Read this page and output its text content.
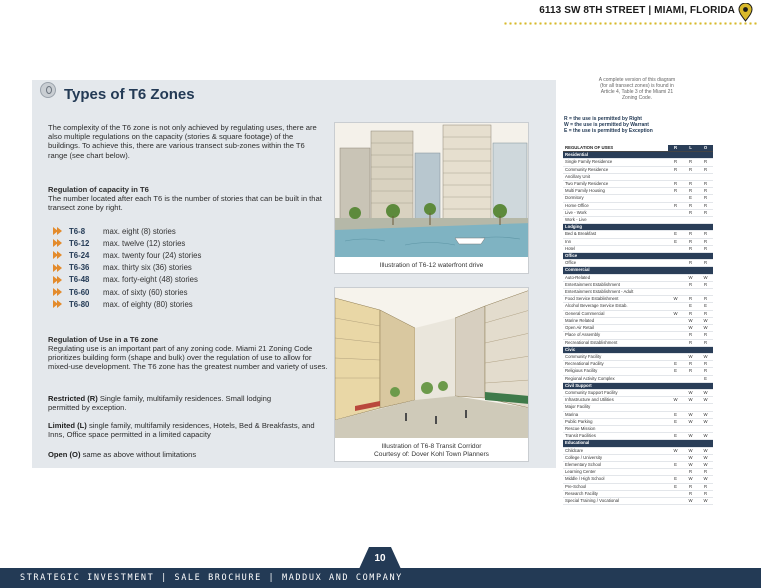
6113 SW 8TH STREET | MIAMI, FLORIDA
Types of T6 Zones
The complexity of the T6 zone is not only achieved by regulating uses, there are also multiple regulations on the capacity (stories & square footage) of the buildings. To achieve this, there are various transect sub-zones within the T6 range (see chart below).
Regulation of capacity in T6
The number located after each T6 is the number of stories that can be built in that transect zone by right.
T6-8	max. eight (8) stories
T6-12	max. twelve (12) stories
T6-24	max. twenty four (24) stories
T6-36	max. thirty six (36) stories
T6-48	max. forty-eight (48) stories
T6-60	max. of sixty (60) stories
T6-80	max. of eighty (80) stories
Regulation of Use in a T6 zone
Regulating use is an important part of any zoning code. Miami 21 Zoning Code prioritizes building form (shape and bulk) over the regulation of use to allow for mixed-use development. The T6 zone has the greatest number and variety of uses.
Restricted (R) Single family, multifamily residences. Small lodging permitted by exception.
Limited (L) single family, multifamily residences, Hotels, Bed & Breakfasts, and Inns, Office space permitted in a limited capacity
Open (O) same as above without limitations
Illustration of T6-12 waterfront drive
Illustration of T6-8 Transit Corridor
Courtesy of: Dover Kohl Town Planners
A complete version of this diagram (for all transect zones) is found in Article 4, Table 3 of the Miami 21 Zoning Code.
R = the use is permitted by Right
W = the use is permitted by Warrant
E = the use is permitted by Exception
REGULATION OF USES	R	L	O
Residential			
Single Family Residence	R	R	R
Community Residence	R	R	R
Ancillary Unit			
Two Family Residence	R	R	R
Multi Family Housing	R	R	R
Dormitory		E	R
Home Office	R	R	R
Live - Work		R	R
Work - Live			
Lodging			
Bed & Breakfast	E	R	R
Inn	E	R	R
Hotel		R	R
Office			
Office		R	R
Commercial			
Auto-Related		W	W
Entertainment Establishment		R	R
Entertainment Establishment - Adult			
Food Service Establishment	W	R	R
Alcohol Beverage Service Estab.		E	E
General Commercial	W	R	R
Marine Related		W	W
Open Air Retail		W	W
Place of Assembly		R	R
Recreational Establishment		R	R
Civic			
Community Facility		W	W
Recreational Facility	E	R	R
Religious Facility	E	R	R
Regional Activity Complex			E
Civil Support			
Community Support Facility		W	W
Infrastructure and Utilities	W	W	W
Major Facility			
Marina	E	W	W
Public Parking	E	W	W
Rescue Mission			
Transit Facilities	E	W	W
Educational			
Childcare	W	W	W
College / University		W	W
Elementary School	E	W	W
Learning Center		R	R
Middle / High School	E	W	W
Pre-School	E	R	R
Research Facility		R	R
Special Training / Vocational		W	W
10
STRATEGIC INVESTMENT | SALE BROCHURE | MADDUX AND COMPANY
